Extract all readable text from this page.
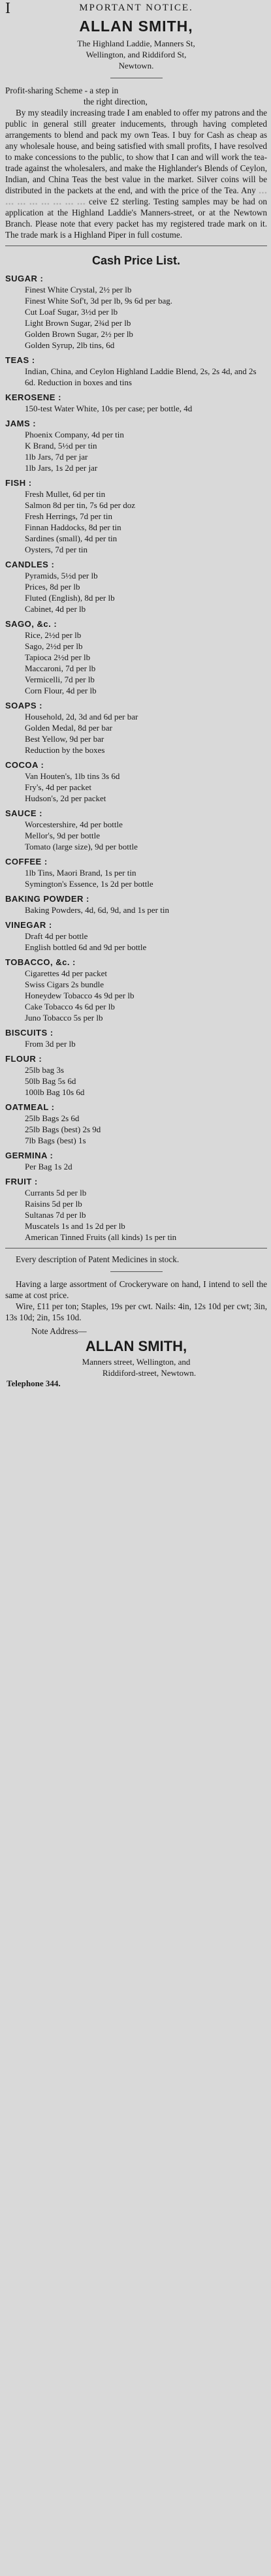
I	MPORTANT NOTICE.
ALLAN SMITH,
The Highland Laddie, Manners St,
Wellington, and Riddiford St,
Newtown.

Profit-sharing Scheme - a step in
the right direction,

By my steadily increasing trade I am enabled to offer my patrons and the public in general still greater inducements, through having completed arrangements to blend and pack my own Teas. I buy for Cash as cheap as any wholesale house, and being satisfied with small profits, I have resolved to make concessions to the public, to show that I can and will work the tea-trade against the wholesalers, and make the Highlander's Blends of Ceylon, Indian, and China Teas the best value in the market. Silver coins will be distributed in the packets at the end, and with the price of the Tea. Any … … … … … … … … ceive £2 sterling. Testing samples may be had on application at the Highland Laddie's Manners-street, or at the Newtown Branch. Please note that every packet has my registered trade mark on it. The trade mark is a Highland Piper in full costume.

Cash Price List.
SUGAR :
Finest White Crystal, 2½ per lb
Finest White Sof't, 3d per lb, 9s 6d per bag.
Cut Loaf Sugar, 3½d per lb
Light Brown Sugar, 2¾d per lb
Golden Brown Sugar, 2½ per lb
Golden Syrup, 2lb tins, 6d
TEAS :
Indian, China, and Ceylon Highland Laddie Blend, 2s, 2s 4d, and 2s 6d. Reduction in boxes and tins
KEROSENE :
150-test Water White, 10s per case; per bottle, 4d
JAMS :
Phoenix Company, 4d per tin
K Brand, 5½d per tin
1lb Jars, 7d per jar
1lb Jars, 1s 2d per jar
FISH :
Fresh Mullet, 6d per tin
Salmon 8d per tin, 7s 6d per doz
Fresh Herrings, 7d per tin
Finnan Haddocks, 8d per tin
Sardines (small), 4d per tin
Oysters, 7d per tin
CANDLES :
Pyramids, 5½d per lb
Prices, 8d per lb
Fluted (English), 8d per lb
Cabinet, 4d per lb
SAGO, &c. :
Rice, 2½d per lb
Sago, 2½d per lb
Tapioca 2½d per lb
Maccaroni, 7d per lb
Vermicelli, 7d per lb
Corn Flour, 4d per lb
SOAPS :
Household, 2d, 3d and 6d per bar
Golden Medal, 8d per bar
Best Yellow, 9d per bar
Reduction by the boxes
COCOA :
Van Houten's, 1lb tins 3s 6d
Fry's, 4d per packet
Hudson's, 2d per packet
SAUCE :
Worcestershire, 4d per bottle
Mellor's, 9d per bottle
Tomato (large size), 9d per bottle
COFFEE :
1lb Tins, Maori Brand, 1s per tin
Symington's Essence, 1s 2d per bottle
BAKING POWDER :
Baking Powders, 4d, 6d, 9d, and 1s per tin
VINEGAR :
Draft 4d per bottle
English bottled 6d and 9d per bottle
TOBACCO, &c. :
Cigarettes 4d per packet
Swiss Cigars 2s bundle
Honeydew Tobacco 4s 9d per lb
Cake Tobacco 4s 6d per lb
Juno Tobacco 5s per lb
BISCUITS :
From 3d per lb
FLOUR :
25lb bag 3s
50lb Bag 5s 6d
100lb Bag 10s 6d
OATMEAL :
25lb Bags 2s 6d
25lb Bags (best) 2s 9d
7lb Bags (best) 1s
GERMINA :
Per Bag 1s 2d
FRUIT :
Currants 5d per lb
Raisins 5d per lb
Sultanas 7d per lb
Muscatels 1s and 1s 2d per lb
American Tinned Fruits (all kinds) 1s per tin

Every description of Patent Medicines in stock.

Having a large assortment of Crockeryware on hand, I intend to sell the same at cost price.

Wire, £11 per ton; Staples, 19s per cwt. Nails: 4in, 12s 10d per cwt; 3in, 13s 10d; 2in, 15s 10d.

Note Address—

ALLAN SMITH,
Manners street, Wellington, and

Riddiford-street, Newtown.
Telephone 344.
